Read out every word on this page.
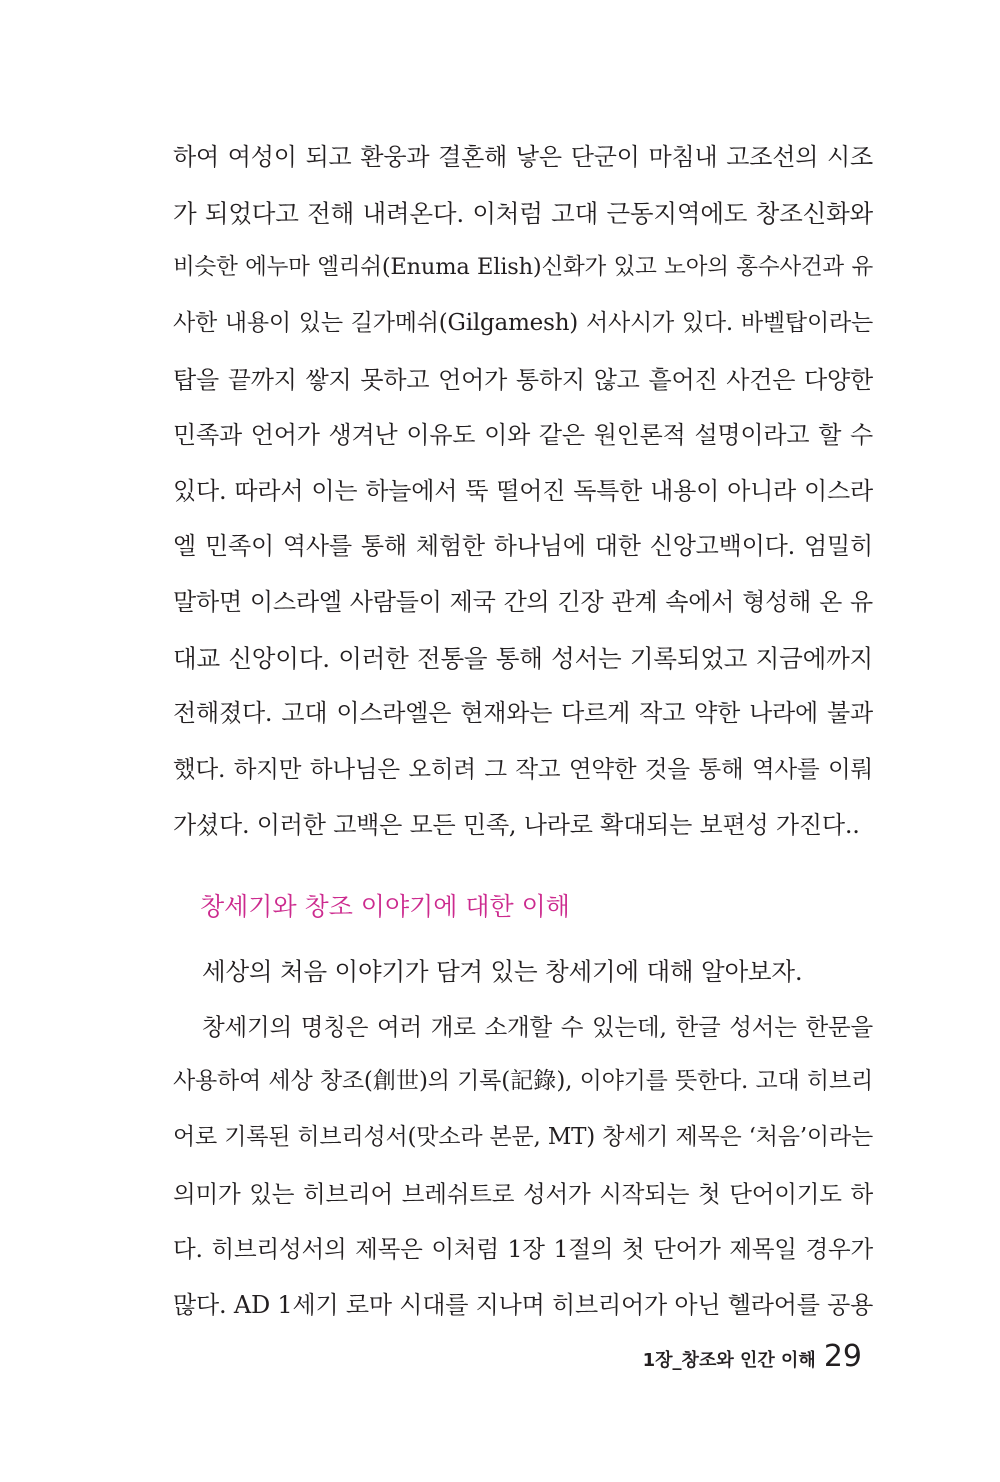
하여 여성이 되고 환웅과 결혼해 낳은 단군이 마침내 고조선의 시조
가 되었다고 전해 내려온다. 이처럼 고대 근동지역에도 창조신화와
비슷한 에누마 엘리쉬(Enuma Elish)신화가 있고 노아의 홍수사건과 유
사한 내용이 있는 길가메쉬(Gilgamesh) 서사시가 있다. 바벨탑이라는
탑을 끝까지 쌓지 못하고 언어가 통하지 않고 흩어진 사건은 다양한
민족과 언어가 생겨난 이유도 이와 같은 원인론적 설명이라고 할 수
있다. 따라서 이는 하늘에서 뚝 떨어진 독특한 내용이 아니라 이스라
엘 민족이 역사를 통해 체험한 하나님에 대한 신앙고백이다. 엄밀히
말하면 이스라엘 사람들이 제국 간의 긴장 관계 속에서 형성해 온 유
대교 신앙이다. 이러한 전통을 통해 성서는 기록되었고 지금에까지
전해졌다. 고대 이스라엘은 현재와는 다르게 작고 약한 나라에 불과
했다. 하지만 하나님은 오히려 그 작고 연약한 것을 통해 역사를 이뤄
가셨다. 이러한 고백은 모든 민족, 나라로 확대되는 보편성 가진다..
창세기와 창조 이야기에 대한 이해
세상의 처음 이야기가 담겨 있는 창세기에 대해 알아보자.
창세기의 명칭은 여러 개로 소개할 수 있는데, 한글 성서는 한문을
사용하여 세상 창조(創世)의 기록(記錄), 이야기를 뜻한다. 고대 히브리
어로 기록된 히브리성서(맛소라 본문, MT) 창세기 제목은 ‘처음’이라는
의미가 있는 히브리어 브레쉬트로 성서가 시작되는 첫 단어이기도 하
다. 히브리성서의 제목은 이처럼 1장 1절의 첫 단어가 제목일 경우가
많다. AD 1세기 로마 시대를 지나며 히브리어가 아닌 헬라어를 공용
1장_창조와 인간 이해 29
